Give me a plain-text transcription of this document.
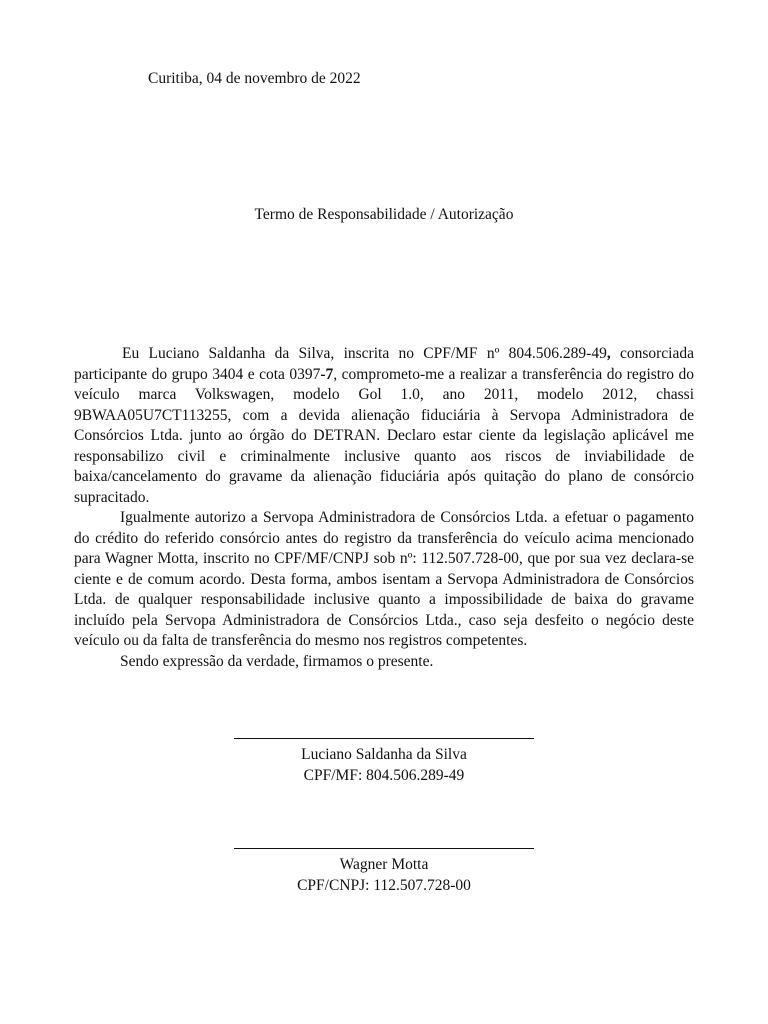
Curitiba, 04 de novembro de 2022
Termo de Responsabilidade / Autorização

Eu Luciano Saldanha da Silva, inscrita no CPF/MF nº 804.506.289-49, consorciada participante do grupo 3404 e cota 0397-7, comprometo-me a realizar a transferência do registro do veículo marca Volkswagen, modelo Gol 1.0, ano 2011, modelo 2012, chassi 9BWAA05U7CT113255, com a devida alienação fiduciária à Servopa Administradora de Consórcios Ltda. junto ao órgão do DETRAN. Declaro estar ciente da legislação aplicável me responsabilizo civil e criminalmente inclusive quanto aos riscos de inviabilidade de baixa/cancelamento do gravame da alienação fiduciária após quitação do plano de consórcio supracitado.

Igualmente autorizo a Servopa Administradora de Consórcios Ltda. a efetuar o pagamento do crédito do referido consórcio antes do registro da transferência do veículo acima mencionado para Wagner Motta, inscrito no CPF/MF/CNPJ sob nº: 112.507.728-00, que por sua vez declara-se ciente e de comum acordo. Desta forma, ambos isentam a Servopa Administradora de Consórcios Ltda. de qualquer responsabilidade inclusive quanto a impossibilidade de baixa do gravame incluído pela Servopa Administradora de Consórcios Ltda., caso seja desfeito o negócio deste veículo ou da falta de transferência do mesmo nos registros competentes.

Sendo expressão da verdade, firmamos o presente.

Luciano Saldanha da Silva
CPF/MF: 804.506.289-49
Wagner Motta
CPF/CNPJ: 112.507.728-00
